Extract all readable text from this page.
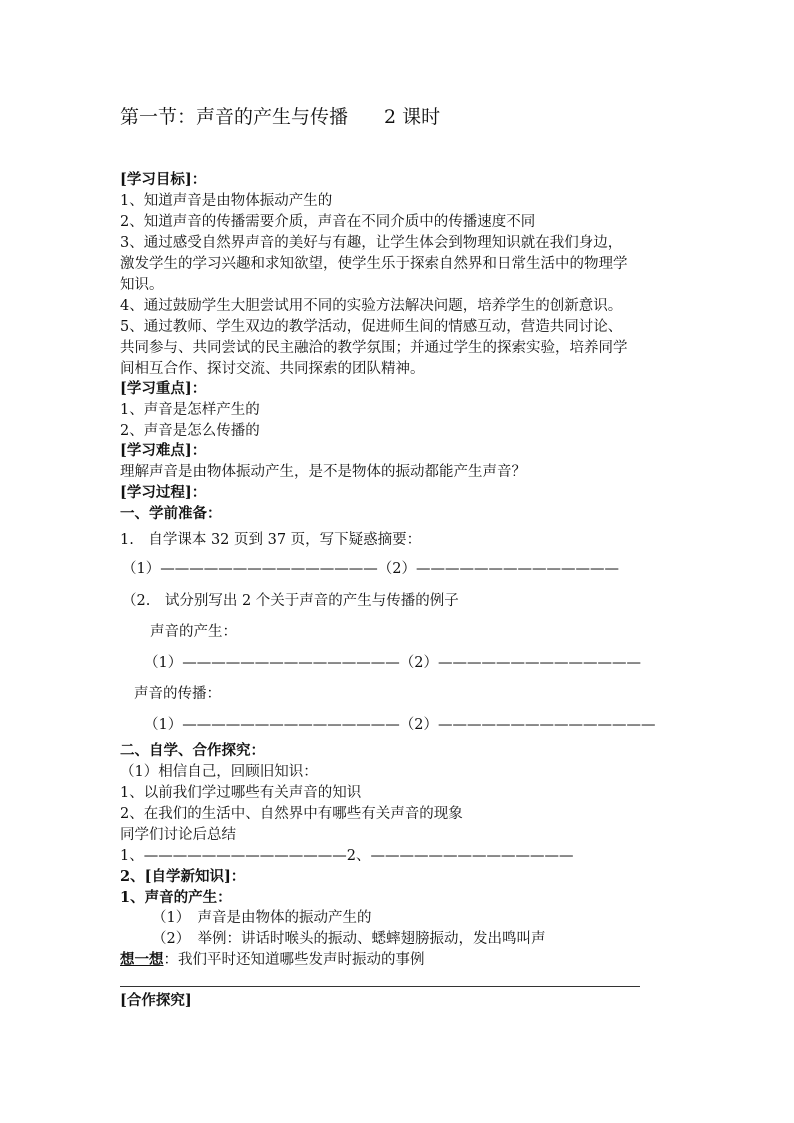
第一节：声音的产生与传播 2 课时
[学习目标]：
1、知道声音是由物体振动产生的
2、知道声音的传播需要介质，声音在不同介质中的传播速度不同
3、通过感受自然界声音的美好与有趣，让学生体会到物理知识就在我们身边，
激发学生的学习兴趣和求知欲望，使学生乐于探索自然界和日常生活中的物理学
知识。
4、通过鼓励学生大胆尝试用不同的实验方法解决问题，培养学生的创新意识。
5、通过教师、学生双边的教学活动，促进师生间的情感互动，营造共同讨论、
共同参与、共同尝试的民主融洽的教学氛围；并通过学生的探索实验，培养同学
间相互合作、探讨交流、共同探索的团队精神。
[学习重点]：
1、声音是怎样产生的
2、声音是怎么传播的
[学习难点]：
理解声音是由物体振动产生，是不是物体的振动都能产生声音？
[学习过程]：
一、学前准备：
1.　自学课本 32 页到 37 页，写下疑惑摘要：
（1）———————————————（2）——————————————
（2.　试分别写出 2 个关于声音的产生与传播的例子
声音的产生：
（1）———————————————（2）——————————————
声音的传播：
（1）———————————————（2）———————————————
二、自学、合作探究：
（1）相信自己，回顾旧知识：
1、以前我们学过哪些有关声音的知识
2、在我们的生活中、自然界中有哪些有关声音的现象
同学们讨论后总结
1、——————————————2、——————————————
2、[自学新知识]：
1、声音的产生：
（1）　声音是由物体的振动产生的
（2）　举例：讲话时喉头的振动、蟋蟀翅膀振动，发出鸣叫声
想一想：我们平时还知道哪些发声时振动的事例
[合作探究]
